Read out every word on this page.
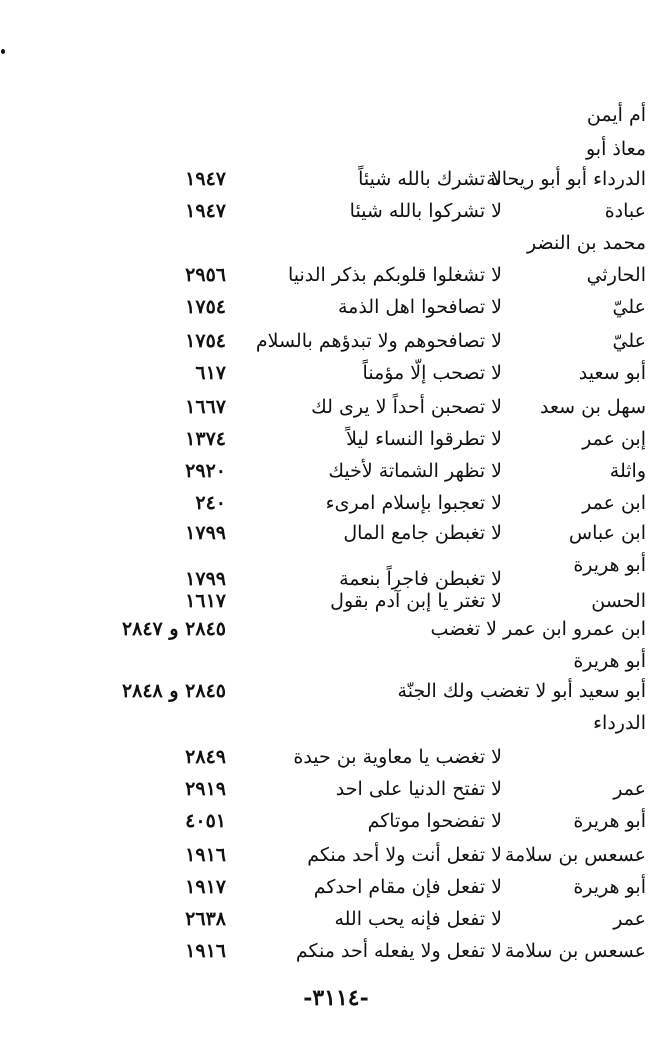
أم أيمن
معاذ أبو
الدرداء أبو أبو ريحانة
لا تشرك بالله شيئاً
١٩٤٧
عبادة
لا تشركوا بالله شيئا
١٩٤٧
محمد بن النضر
الحارثي
لا تشغلوا قلوبكم بذكر الدنيا
٢٩٥٦
عليّ
لا تصافحوا اهل الذمة
١٧٥٤
عليّ
لا تصافحوهم ولا تبدؤهم بالسلام
١٧٥٤
أبو سعيد
لا تصحب إلّا مؤمناً
٦١٧
سهل بن سعد
لا تصحبن أحداً لا يرى لك
١٦٦٧
إبن عمر
لا تطرقوا النساء ليلاً
١٣٧٤
واثلة
لا تظهر الشماتة لأخيك
٢٩٢٠
ابن عمر
لا تعجبوا بإسلام امرىء
٢٤٠
ابن عباس
لا تغبطن جامع المال
١٧٩٩
أبو هريرة
لا تغبطن فاجراً بنعمة
١٧٩٩
الحسن
لا تغتر يا إبن آدم بقول
١٦١٧
ابن عمرو ابن عمر لا تغضب
٢٨٤٥ و ٢٨٤٧
أبو هريرة
أبو سعيد أبو لا تغضب ولك الجنّة
٢٨٤٥ و ٢٨٤٨
الدرداء
لا تغضب يا معاوية بن حيدة
٢٨٤٩
عمر
لا تفتح الدنيا على احد
٢٩١٩
أبو هريرة
لا تفضحوا موتاكم
٤٠٥١
عسعس بن سلامة
لا تفعل أنت ولا أحد منكم
١٩١٦
أبو هريرة
لا تفعل فإن مقام احدكم
١٩١٧
عمر
لا تفعل فإنه يحب الله
٢٦٣٨
عسعس بن سلامة
لا تفعل ولا يفعله أحد منكم
١٩١٦
-٣١١٤-
